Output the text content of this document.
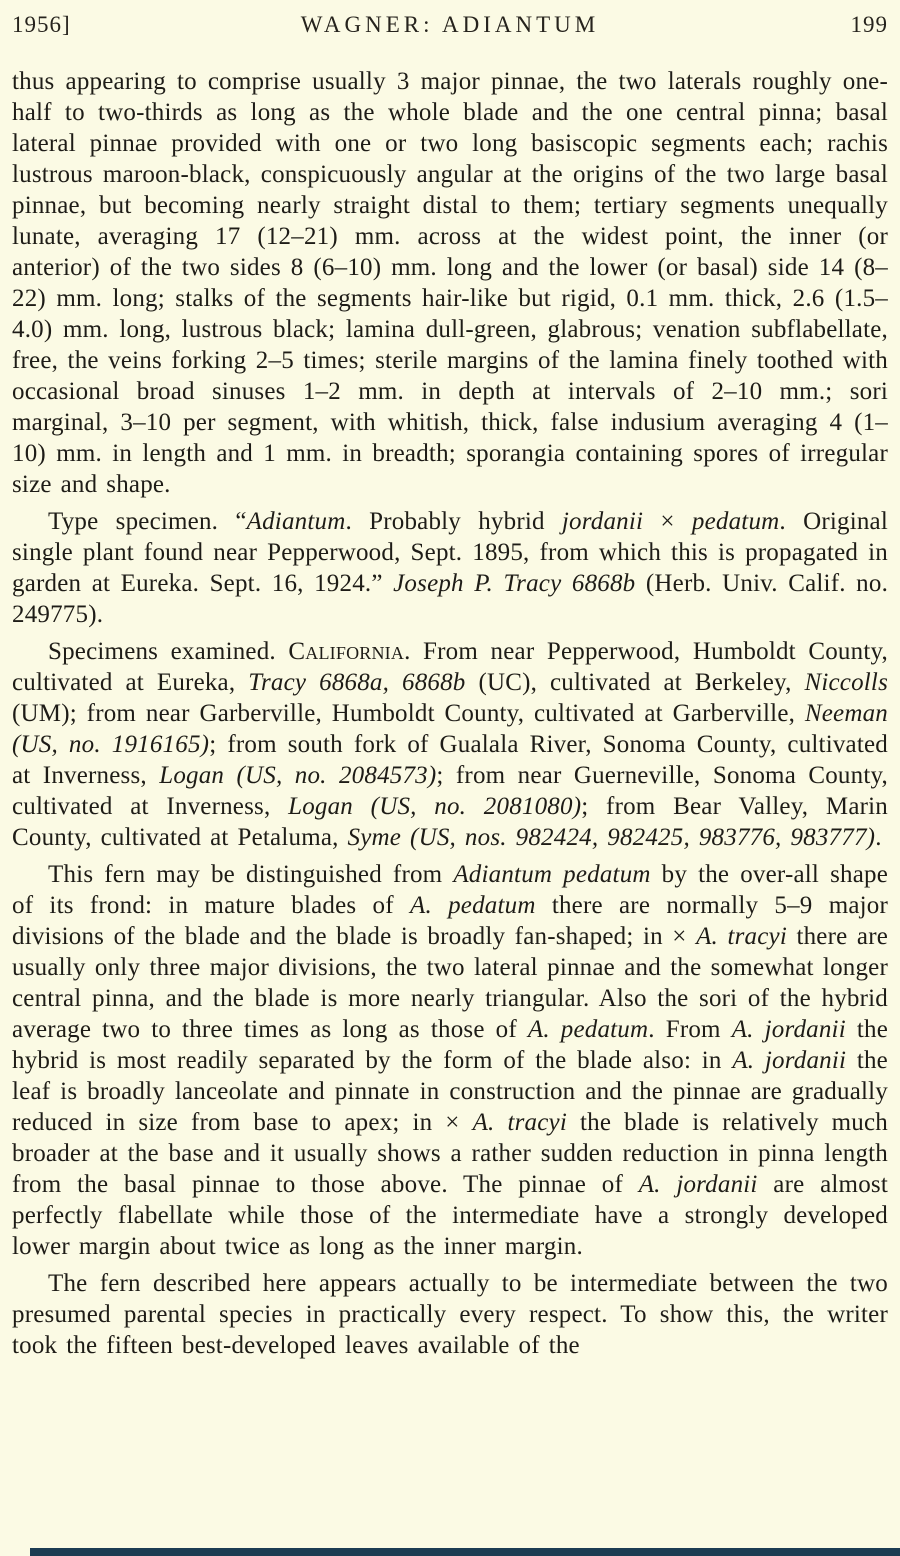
1956]	WAGNER: ADIANTUM	199

thus appearing to comprise usually 3 major pinnae, the two laterals roughly one-half to two-thirds as long as the whole blade and the one central pinna; basal lateral pinnae provided with one or two long basiscopic segments each; rachis lustrous maroon-black, conspicuously angular at the origins of the two large basal pinnae, but becoming nearly straight distal to them; tertiary segments unequally lunate, averaging 17 (12–21) mm. across at the widest point, the inner (or anterior) of the two sides 8 (6–10) mm. long and the lower (or basal) side 14 (8–22) mm. long; stalks of the segments hair-like but rigid, 0.1 mm. thick, 2.6 (1.5–4.0) mm. long, lustrous black; lamina dull-green, glabrous; venation subflabellate, free, the veins forking 2–5 times; sterile margins of the lamina finely toothed with occasional broad sinuses 1–2 mm. in depth at intervals of 2–10 mm.; sori marginal, 3–10 per segment, with whitish, thick, false indusium averaging 4 (1–10) mm. in length and 1 mm. in breadth; sporangia containing spores of irregular size and shape.

Type specimen. “Adiantum. Probably hybrid jordanii × pedatum. Original single plant found near Pepperwood, Sept. 1895, from which this is propagated in garden at Eureka. Sept. 16, 1924.” Joseph P. Tracy 6868b (Herb. Univ. Calif. no. 249775).

Specimens examined. California. From near Pepperwood, Humboldt County, cultivated at Eureka, Tracy 6868a, 6868b (UC), cultivated at Berkeley, Niccolls (UM); from near Garberville, Humboldt County, cultivated at Garberville, Neeman (US, no. 1916165); from south fork of Gualala River, Sonoma County, cultivated at Inverness, Logan (US, no. 2084573); from near Guerneville, Sonoma County, cultivated at Inverness, Logan (US, no. 2081080); from Bear Valley, Marin County, cultivated at Petaluma, Syme (US, nos. 982424, 982425, 983776, 983777).

This fern may be distinguished from Adiantum pedatum by the over-all shape of its frond: in mature blades of A. pedatum there are normally 5–9 major divisions of the blade and the blade is broadly fan-shaped; in × A. tracyi there are usually only three major divisions, the two lateral pinnae and the somewhat longer central pinna, and the blade is more nearly triangular. Also the sori of the hybrid average two to three times as long as those of A. pedatum. From A. jordanii the hybrid is most readily separated by the form of the blade also: in A. jordanii the leaf is broadly lanceolate and pinnate in construction and the pinnae are gradually reduced in size from base to apex; in × A. tracyi the blade is relatively much broader at the base and it usually shows a rather sudden reduction in pinna length from the basal pinnae to those above. The pinnae of A. jordanii are almost perfectly flabellate while those of the intermediate have a strongly developed lower margin about twice as long as the inner margin.

The fern described here appears actually to be intermediate between the two presumed parental species in practically every respect. To show this, the writer took the fifteen best-developed leaves available of the
